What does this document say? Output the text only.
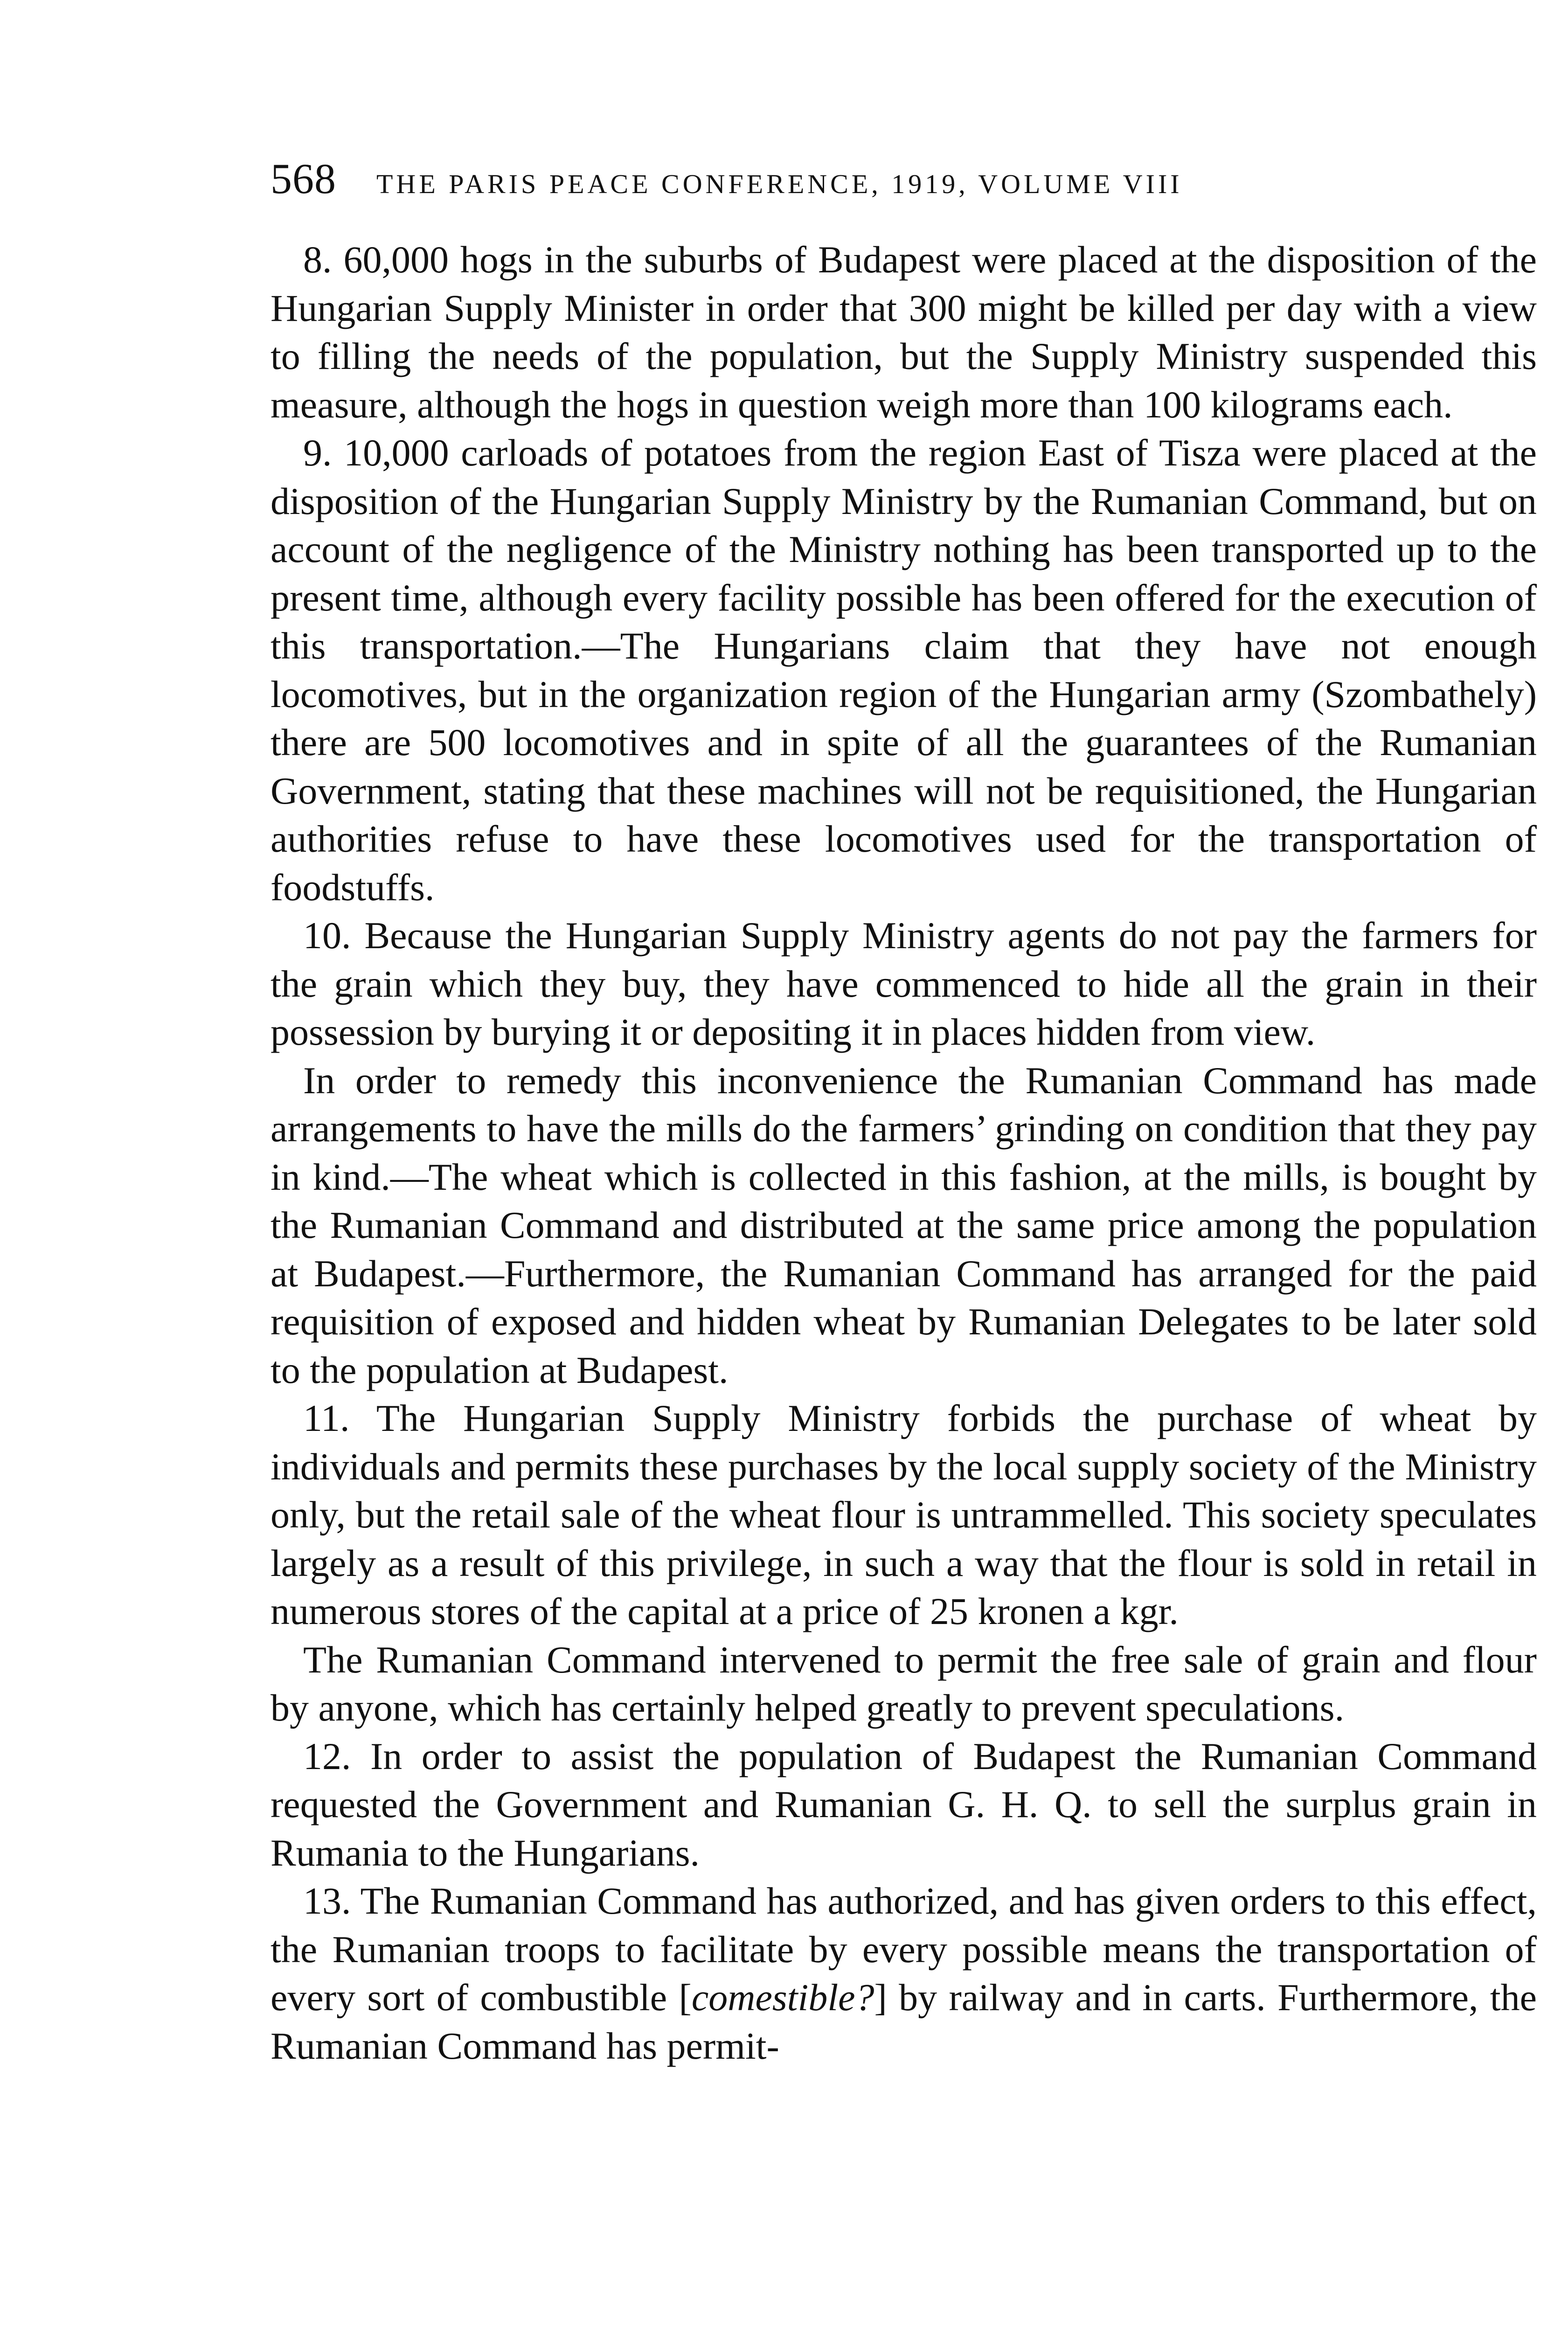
568 THE PARIS PEACE CONFERENCE, 1919, VOLUME VIII

8. 60,000 hogs in the suburbs of Budapest were placed at the disposition of the Hungarian Supply Minister in order that 300 might be killed per day with a view to filling the needs of the population, but the Supply Ministry suspended this measure, although the hogs in question weigh more than 100 kilograms each.

9. 10,000 carloads of potatoes from the region East of Tisza were placed at the disposition of the Hungarian Supply Ministry by the Rumanian Command, but on account of the negligence of the Ministry nothing has been transported up to the present time, although every facility possible has been offered for the execution of this transportation.—The Hungarians claim that they have not enough locomotives, but in the organization region of the Hungarian army (Szombathely) there are 500 locomotives and in spite of all the guarantees of the Rumanian Government, stating that these machines will not be requisitioned, the Hungarian authorities refuse to have these locomotives used for the transportation of foodstuffs.

10. Because the Hungarian Supply Ministry agents do not pay the farmers for the grain which they buy, they have commenced to hide all the grain in their possession by burying it or depositing it in places hidden from view.

In order to remedy this inconvenience the Rumanian Command has made arrangements to have the mills do the farmers’ grinding on condition that they pay in kind.—The wheat which is collected in this fashion, at the mills, is bought by the Rumanian Command and distributed at the same price among the population at Budapest.—Furthermore, the Rumanian Command has arranged for the paid requisition of exposed and hidden wheat by Rumanian Delegates to be later sold to the population at Budapest.

11. The Hungarian Supply Ministry forbids the purchase of wheat by individuals and permits these purchases by the local supply society of the Ministry only, but the retail sale of the wheat flour is untrammelled. This society speculates largely as a result of this privilege, in such a way that the flour is sold in retail in numerous stores of the capital at a price of 25 kronen a kgr.

The Rumanian Command intervened to permit the free sale of grain and flour by anyone, which has certainly helped greatly to prevent speculations.

12. In order to assist the population of Budapest the Rumanian Command requested the Government and Rumanian G. H. Q. to sell the surplus grain in Rumania to the Hungarians.

13. The Rumanian Command has authorized, and has given orders to this effect, the Rumanian troops to facilitate by every possible means the transportation of every sort of combustible [comestible?] by railway and in carts. Furthermore, the Rumanian Command has permit-
